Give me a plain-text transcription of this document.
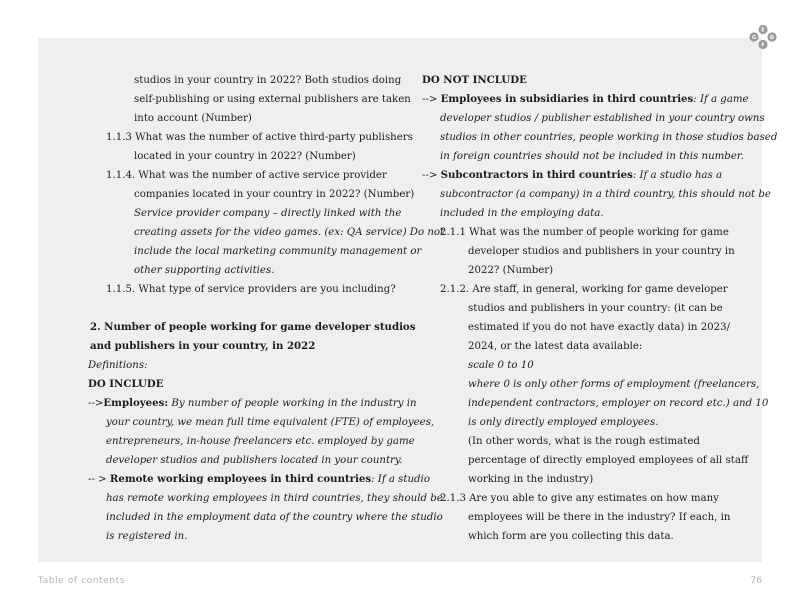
E
G	D
F
studios in your country in 2022? Both studios doing
self-publishing or using external publishers are taken
into account (Number)
1.1.3 What was the number of active third-party publishers
located in your country in 2022? (Number)
1.1.4. What was the number of active service provider
companies located in your country in 2022? (Number)
Service provider company – directly linked with the
creating assets for the video games. (ex: QA service) Do not
include the local marketing community management or
other supporting activities.
1.1.5. What type of service providers are you including?
2. Number of people working for game developer studios
and publishers in your country, in 2022
Definitions:
DO INCLUDE
-->Employees: By number of people working in the industry in
your country, we mean full time equivalent (FTE) of employees,
entrepreneurs, in-house freelancers etc. employed by game
developer studios and publishers located in your country.
-- > Remote working employees in third countries: If a studio
has remote working employees in third countries, they should be
included in the employment data of the country where the studio
is registered in.
DO NOT INCLUDE
--> Employees in subsidiaries in third countries: If a game
developer studios / publisher established in your country owns
studios in other countries, people working in those studios based
in foreign countries should not be included in this number.
--> Subcontractors in third countries: If a studio has a
subcontractor (a company) in a third country, this should not be
included in the employing data.
2.1.1 What was the number of people working for game
developer studios and publishers in your country in
2022? (Number)
2.1.2. Are staff, in general, working for game developer
studios and publishers in your country: (it can be
estimated if you do not have exactly data) in 2023/
2024, or the latest data available:
scale 0 to 10
where 0 is only other forms of employment (freelancers,
independent contractors, employer on record etc.) and 10
is only directly employed employees.
(In other words, what is the rough estimated
percentage of directly employed employees of all staff
working in the industry)
2.1.3 Are you able to give any estimates on how many
employees will be there in the industry? If each, in
which form are you collecting this data.
Table of contents	76
